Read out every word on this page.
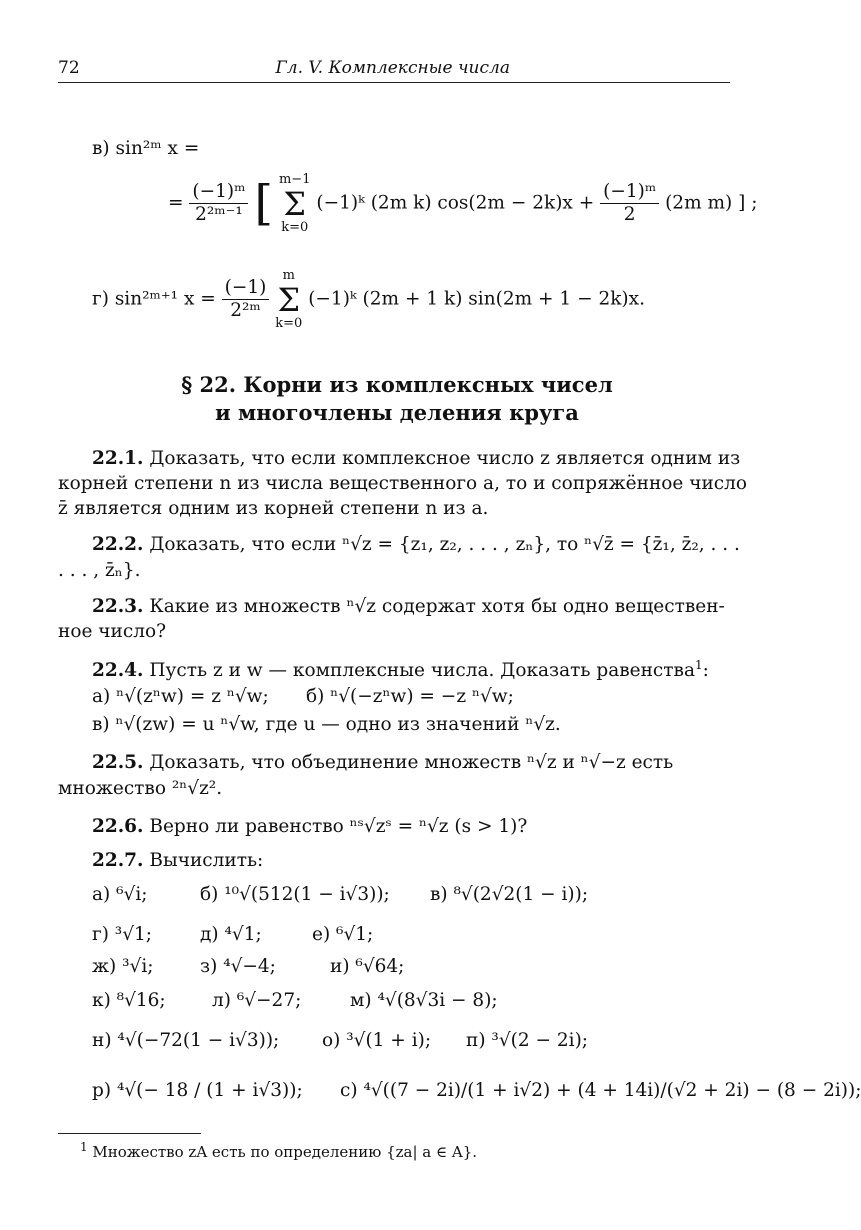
72	Гл. V. Комплексные числа
в) sin²ᵐ x =
= $\frac{\text{(−1)ᵐ}}{\text{2²ᵐ⁻¹}}$ [ m−1
Σ
k=0
(−1)ᵏ (2m k) $\cos(2m - 2k)x + \frac{\text{(−1)ᵐ}}{2} (2m$ m) ] ;
г) sin²ᵐ⁺¹ $x = \frac{(-1)}{\text{2²ᵐ}}$

m
Σ
k=0
(−1)ᵏ (2m + 1 k) sin(2m + 1 − 2k)x.
§ 22. Корни из комплексных чисел
и многочлены деления круга
22.1. Доказать, что если комплексное число z является одним из
корней степени n из числа вещественного a, то и сопряжённое число
z̄ является одним из корней степени n из a.
22.2. Доказать, что если ⁿ√z = {z₁, z₂, . . . , zₙ}, то ⁿ√z̄ = {z̄₁, z̄₂, . . .
. . . , z̄ₙ}.
22.3. Какие из множеств ⁿ√z содержат хотя бы одно веществен-
ное число?
22.4. Пусть z и w — комплексные числа. Доказать равенства$^1$:
а) ⁿ√(zⁿw) = z ⁿ√w; б) ⁿ√(−zⁿw) = −z ⁿ√w;
в) ⁿ√(zw) = u ⁿ√w, где u — одно из значений ⁿ√z.
22.5. Доказать, что объединение множеств ⁿ√z и ⁿ√−z есть
множество ²ⁿ√z².
22.6. Верно ли равенство ⁿˢ√zˢ = ⁿ√z (s > 1)?
22.7. Вычислить:
а) ⁶√i;	б) ¹⁰√(512(1 − i√3)); в) ⁸√(2√2(1 − i));
г) ³√1;	д) ⁴√1;	е) ⁶√1;
ж) ³√i;	з) ⁴√−4;	и) ⁶√64;
к) ⁸√16;	л) ⁶√−27;	м) ⁴√(8√3i − 8);
н) ⁴√(−72(1 − i√3)); о) ³√(1 + i); п) ³√(2 − 2i);
р) ⁴√(− 18 / (1 + i√3)); с) ⁴√((7 − 2i)/(1 + i√2) + (4 + 14i)/(√2 + 2i) − (8 − 2i));
$^1$ Множество zA есть по определению {za| a ∈ A}.
